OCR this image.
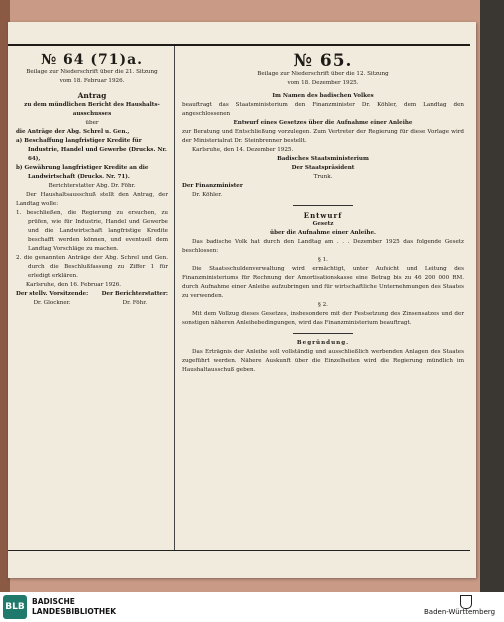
№ 64 (71)a.
Beilage zur Niederschrift über die 21. Sitzung
vom 18. Februar 1926.
Antrag
zu dem mündlichen Bericht des Haushalts-
ausschusses
über
die Anträge der Abg. Schrel u. Gen.,
a) Beschaffung langfristiger Kredite für Industrie, Handel und Gewerbe (Drucks. Nr. 64),
b) Gewährung langfristiger Kredite an die Landwirtschaft (Drucks. Nr. 71).
Berichterstatter Abg. Dr. Föhr.
Der Haushaltsausschuß stellt den Antrag, der Landtag wolle:
1. beschließen, die Regierung zu ersuchen, zu prüfen, wie für Industrie, Handel und Gewerbe und die Landwirtschaft langfristige Kredite beschafft werden können, und eventuell dem Landtag Vorschläge zu machen.
2. die genannten Anträge der Abg. Schrel und Gen. durch die Beschlußfassung zu Ziffer 1 für erledigt erklären.
Karlsruhe, den 16. Februar 1926.
Der stellv. Vorsitzende:
Dr. Glockner.
Der Berichterstatter:
Dr. Föhr.
№ 65.
Beilage zur Niederschrift über die 12. Sitzung
vom 18. Dezember 1925.
Im Namen des badischen Volkes
beauftragt das Staatsministerium den Finanzminister Dr. Köhler, dem Landtag den angeschlossenen
Entwurf eines Gesetzes über die Aufnahme einer Anleihe
zur Beratung und Entschließung vorzulegen. Zum Vertreter der Regierung für diese Vorlage wird der Ministerialrat Dr. Steinbrenner bestellt.
Karlsruhe, den 14. Dezember 1925.
Badisches Staatsministerium
Der Staatspräsident
Trunk.
Der Finanzminister
Dr. Köhler.
Entwurf
Gesetz
über die Aufnahme einer Anleihe.
Das badische Volk hat durch den Landtag am . . . Dezember 1925 das folgende Gesetz beschlossen:
§ 1.
Die Staatsschuldenverwaltung wird ermächtigt, unter Aufsicht und Leitung des Finanzministeriums für Rechnung der Amortisationskasse eine Betrag bis zu 46 200 000 RM. durch Aufnahme einer Anleihe aufzubringen und für wirtschaftliche Unternehmungen des Staates zu verwenden.
§ 2.
Mit dem Vollzug dieses Gesetzes, insbesondere mit der Festsetzung des Zinsensatzes und der sonstigen näheren Anleihebedingungen, wird das Finanzministerium beauftragt.
Begründung.
Das Erträgnis der Anleihe soll vollständig und ausschließlich werbenden Anlagen des Staates zugeführt werden. Nähere Auskunft über die Einzelheiten wird die Regierung mündlich im Haushaltausschuß geben.
BLB
BADISCHE
LANDESBIBLIOTHEK	Baden-Württemberg
